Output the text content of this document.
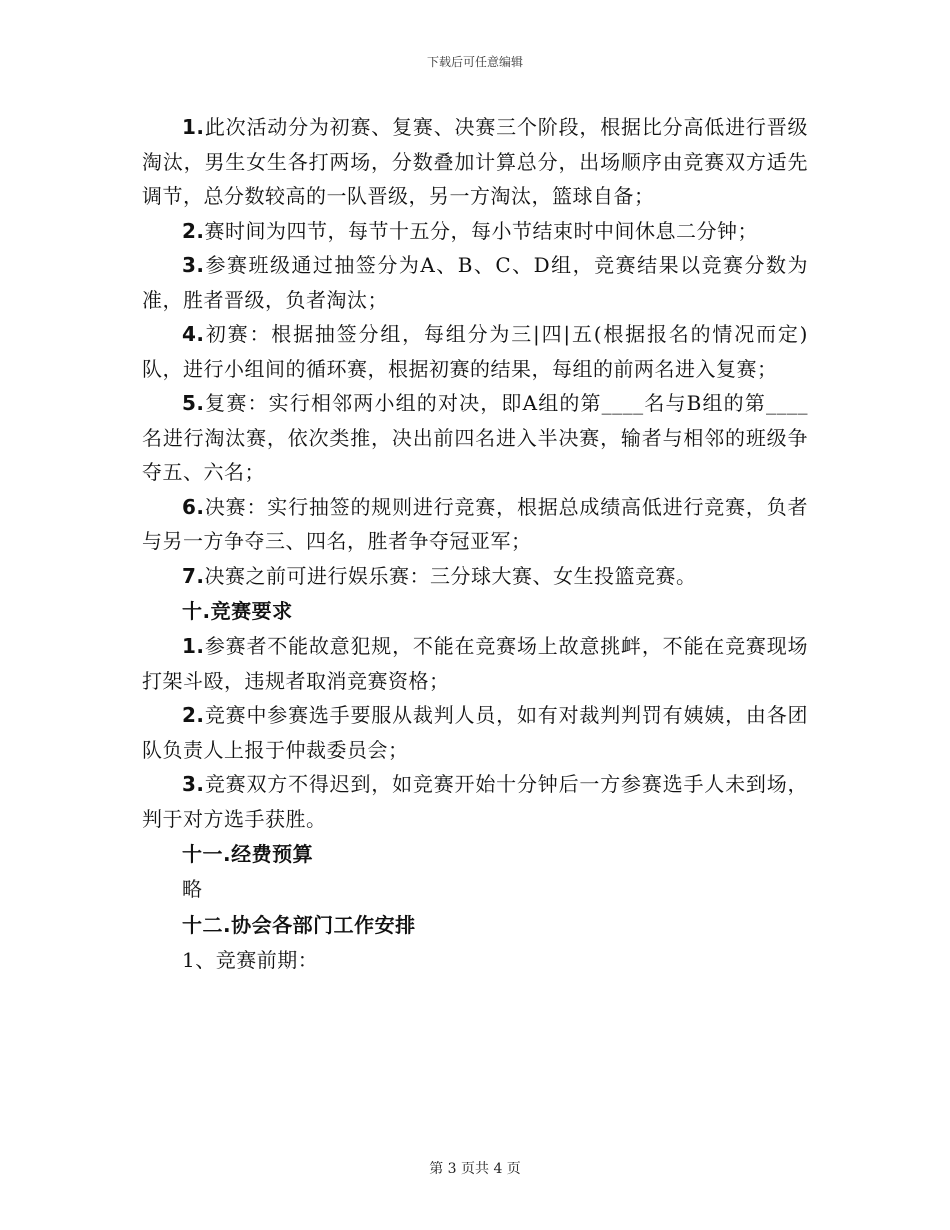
下载后可任意编辑

1.此次活动分为初赛、复赛、决赛三个阶段，根据比分高低进行晋级淘汰，男生女生各打两场，分数叠加计算总分，出场顺序由竞赛双方适先调节，总分数较高的一队晋级，另一方淘汰，篮球自备；

2.赛时间为四节，每节十五分，每小节结束时中间休息二分钟；

3.参赛班级通过抽签分为A、B、C、D组，竞赛结果以竞赛分数为准，胜者晋级，负者淘汰；

4.初赛：根据抽签分组，每组分为三|四|五(根据报名的情况而定)队，进行小组间的循环赛，根据初赛的结果，每组的前两名进入复赛；

5.复赛：实行相邻两小组的对决，即A组的第____名与B组的第____名进行淘汰赛，依次类推，决出前四名进入半决赛，输者与相邻的班级争夺五、六名；

6.决赛：实行抽签的规则进行竞赛，根据总成绩高低进行竞赛，负者与另一方争夺三、四名，胜者争夺冠亚军；

7.决赛之前可进行娱乐赛：三分球大赛、女生投篮竞赛。

十.竞赛要求

1.参赛者不能故意犯规，不能在竞赛场上故意挑衅，不能在竞赛现场打架斗殴，违规者取消竞赛资格；

2.竞赛中参赛选手要服从裁判人员，如有对裁判判罚有姨姨，由各团队负责人上报于仲裁委员会；

3.竞赛双方不得迟到，如竞赛开始十分钟后一方参赛选手人未到场，判于对方选手获胜。

十一.经费预算

略

十二.协会各部门工作安排

1、竞赛前期：

第 3 页共 4 页
